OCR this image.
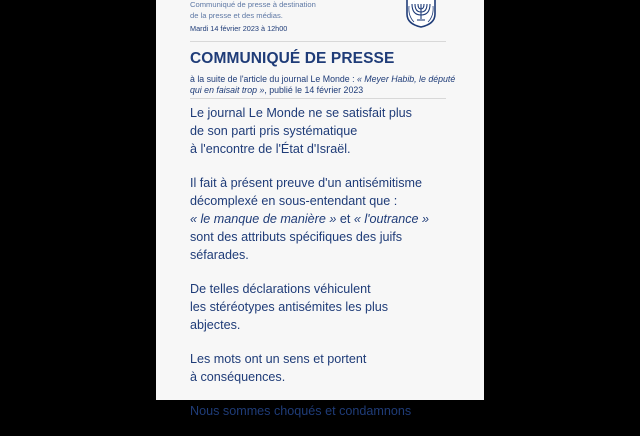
Communiqué de presse à destination
de la presse et des médias.
Mardi 14 février 2023 à 12h00
COMMUNIQUÉ DE PRESSE
à la suite de l'article du journal Le Monde : « Meyer Habib, le député qui en faisait trop », publié le 14 février 2023

Le journal Le Monde ne se satisfait plus
de son parti pris systématique
à l'encontre de l'État d'Israël.

Il fait à présent preuve d'un antisémitisme
décomplexé en sous-entendant que :
« le manque de manière » et « l'outrance »
sont des attributs spécifiques des juifs
séfarades.

De telles déclarations véhiculent
les stéréotypes antisémites les plus
abjectes.

Les mots ont un sens et portent
à conséquences.

Nous sommes choqués et condamnons
